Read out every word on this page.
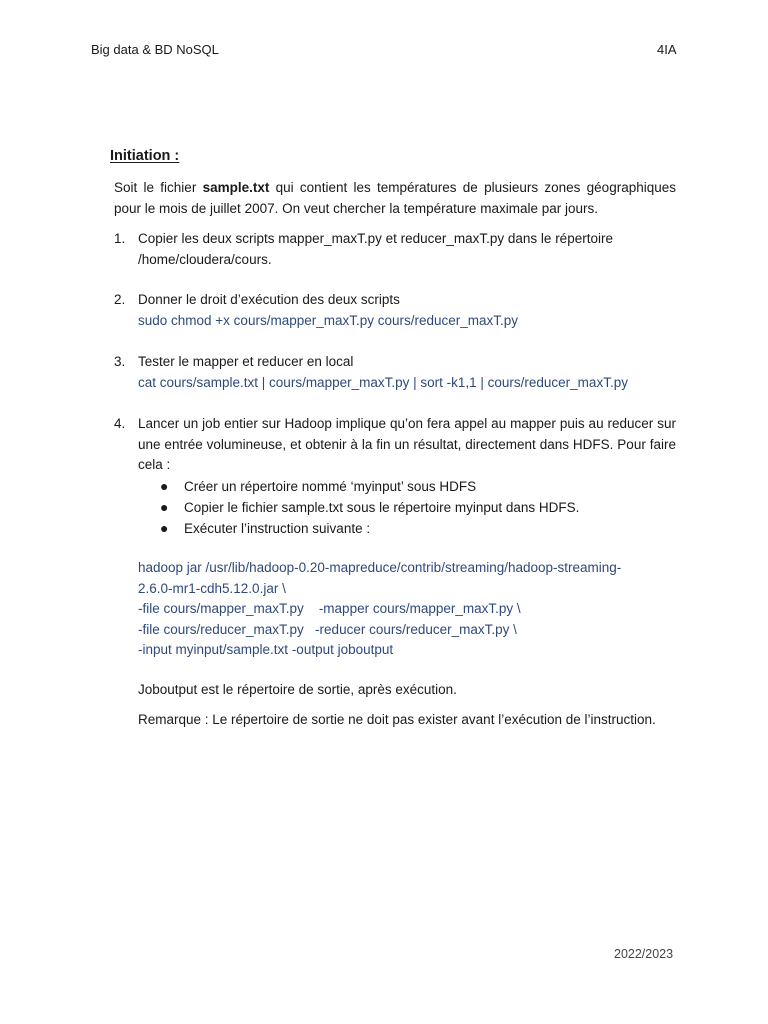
Big data & BD NoSQL	4IA
Initiation :
Soit le fichier sample.txt qui contient les températures de plusieurs zones géographiques pour le mois de juillet 2007. On veut chercher la température maximale par jours.
1. Copier les deux scripts mapper_maxT.py et reducer_maxT.py dans le répertoire
/home/cloudera/cours.
2. Donner le droit d’exécution des deux scripts
sudo chmod +x cours/mapper_maxT.py cours/reducer_maxT.py
3. Tester le mapper et reducer en local
cat cours/sample.txt | cours/mapper_maxT.py | sort -k1,1 | cours/reducer_maxT.py
4. Lancer un job entier sur Hadoop implique qu’on fera appel au mapper puis au reducer sur une entrée volumineuse, et obtenir à la fin un résultat, directement dans HDFS. Pour faire cela :
● Créer un répertoire nommé ‘myinput’ sous HDFS
● Copier le fichier sample.txt sous le répertoire myinput dans HDFS.
● Exécuter l’instruction suivante :
hadoop jar /usr/lib/hadoop-0.20-mapreduce/contrib/streaming/hadoop-streaming-
2.6.0-mr1-cdh5.12.0.jar \
-file cours/mapper_maxT.py    -mapper cours/mapper_maxT.py \
-file cours/reducer_maxT.py   -reducer cours/reducer_maxT.py \
-input myinput/sample.txt -output joboutput
Joboutput est le répertoire de sortie, après exécution.
Remarque : Le répertoire de sortie ne doit pas exister avant l’exécution de l’instruction.
2022/2023
